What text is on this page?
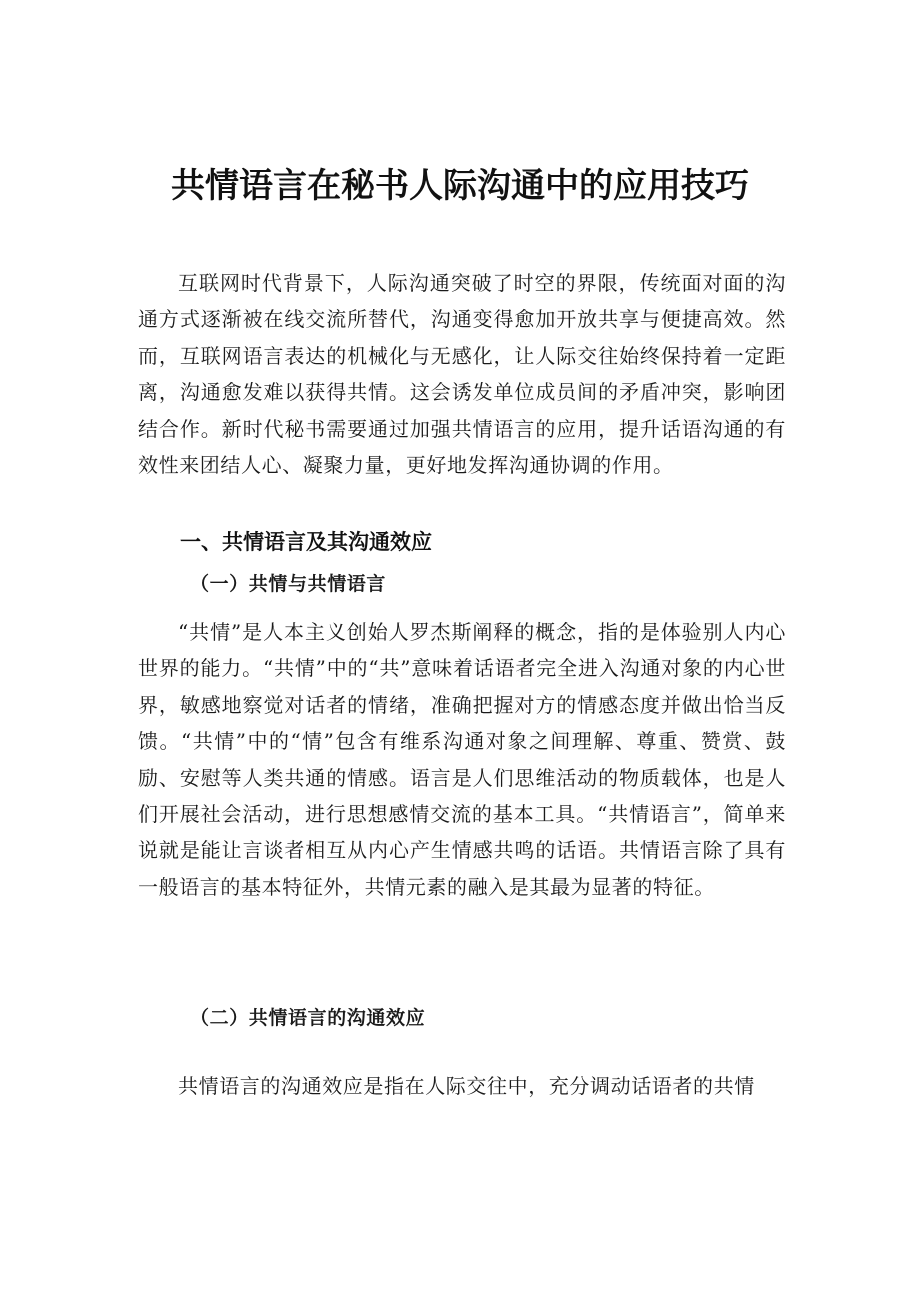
共情语言在秘书人际沟通中的应用技巧

互联网时代背景下，人际沟通突破了时空的界限，传统面对面的沟通方式逐渐被在线交流所替代，沟通变得愈加开放共享与便捷高效。然而，互联网语言表达的机械化与无感化，让人际交往始终保持着一定距离，沟通愈发难以获得共情。这会诱发单位成员间的矛盾冲突，影响团结合作。新时代秘书需要通过加强共情语言的应用，提升话语沟通的有效性来团结人心、凝聚力量，更好地发挥沟通协调的作用。

一、共情语言及其沟通效应
（一）共情与共情语言

“共情”是人本主义创始人罗杰斯阐释的概念，指的是体验别人内心世界的能力。“共情”中的“共”意味着话语者完全进入沟通对象的内心世界，敏感地察觉对话者的情绪，准确把握对方的情感态度并做出恰当反馈。“共情”中的“情”包含有维系沟通对象之间理解、尊重、赞赏、鼓励、安慰等人类共通的情感。语言是人们思维活动的物质载体，也是人们开展社会活动，进行思想感情交流的基本工具。“共情语言”，简单来说就是能让言谈者相互从内心产生情感共鸣的话语。共情语言除了具有一般语言的基本特征外，共情元素的融入是其最为显著的特征。

（二）共情语言的沟通效应

共情语言的沟通效应是指在人际交往中，充分调动话语者的共情
